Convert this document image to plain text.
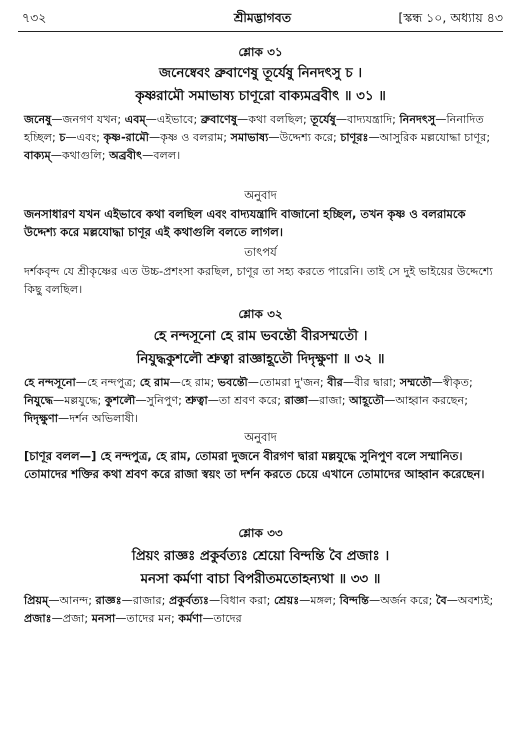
৭৩২	শ্রীমদ্ভাগবত	[স্কন্ধ ১০, অধ্যায় ৪৩
শ্লোক ৩১
জনেষ্বেবং ব্রুবাণেষু তূর্যেষু নিনদৎসু চ ।
কৃষ্ণরামৌ সমাভাষ্য চাণূরো বাক্যমব্রবীৎ ॥ ৩১ ॥
জনেষু—জনগণ যখন; এবম্—এইভাবে; ব্রুবাণেষু—কথা বলছিল; তূর্যেষু—বাদ্যযন্ত্রাদি; নিনদৎসু—নিনাদিত হচ্ছিল; চ—এবং; কৃষ্ণ-রামৌ—কৃষ্ণ ও বলরাম; সমাভাষ্য—উদ্দেশ্য করে; চাণূরঃ—আসুরিক মল্লযোদ্ধা চাণূর; বাক্যম্—কথাগুলি; অব্রবীৎ—বলল।
অনুবাদ
জনসাধারণ যখন এইভাবে কথা বলছিল এবং বাদ্যযন্ত্রাদি বাজানো হচ্ছিল, তখন কৃষ্ণ ও বলরামকে উদ্দেশ্য করে মল্লযোদ্ধা চাণূর এই কথাগুলি বলতে লাগল।
তাৎপর্য
দর্শকবৃন্দ যে শ্রীকৃষ্ণের এত উচ্চ-প্রশংসা করছিল, চাণূর তা সহ্য করতে পারেনি। তাই সে দুই ভাইয়ের উদ্দেশ্যে কিছু বলছিল।
শ্লোক ৩২
হে নন্দসূনো হে রাম ভবন্তৌ বীরসম্মতৌ ।
নিযুদ্ধকুশলৌ শ্রুত্বা রাজ্ঞাহূতৌ দিদৃক্ষুণা ॥ ৩২ ॥
হে নন্দসূনো—হে নন্দপুত্র; হে রাম—হে রাম; ভবন্তৌ—তোমরা দু'জন; বীর—বীর দ্বারা; সম্মতৌ—স্বীকৃত; নিযুদ্ধে—মল্লযুদ্ধে; কুশলৌ—সুনিপুণ; শ্রুত্বা—তা শ্রবণ করে; রাজ্ঞা—রাজা; আহূতৌ—আহ্বান করছেন; দিদৃক্ষুণা—দর্শন অভিলাষী।
অনুবাদ
[চাণূর বলল—] হে নন্দপুত্র, হে রাম, তোমরা দুজনে বীরগণ দ্বারা মল্লযুদ্ধে সুনিপুণ বলে সম্মানিত। তোমাদের শক্তির কথা শ্রবণ করে রাজা স্বয়ং তা দর্শন করতে চেয়ে এখানে তোমাদের আহ্বান করেছেন।
শ্লোক ৩৩
প্রিয়ং রাজ্ঞঃ প্রকুর্বত্যঃ শ্রেয়ো বিন্দন্তি বৈ প্রজাঃ ।
মনসা কর্মণা বাচা বিপরীতমতোহন্যথা ॥ ৩৩ ॥
প্রিয়ম্—আনন্দ; রাজ্ঞঃ—রাজার; প্রকুর্বত্যঃ—বিধান করা; শ্রেয়ঃ—মঙ্গল; বিন্দন্তি—অর্জন করে; বৈ—অবশ্যই; প্রজাঃ—প্রজা; মনসা—তাদের মন; কর্মণা—তাদের
